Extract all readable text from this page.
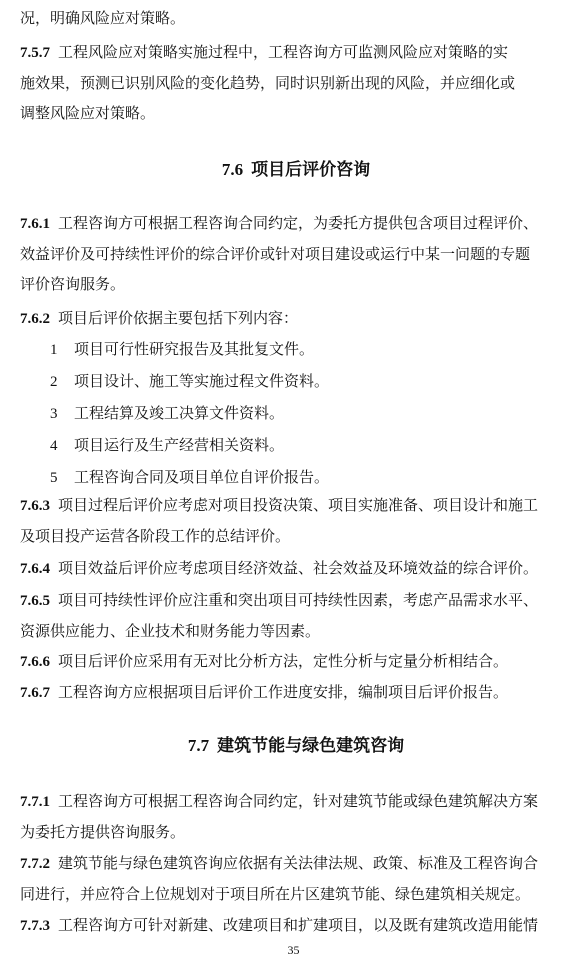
况，明确风险应对策略。

7.5.7 工程风险应对策略实施过程中，工程咨询方可监测风险应对策略的实
施效果，预测已识别风险的变化趋势，同时识别新出现的风险，并应细化或
调整风险应对策略。

7.6 项目后评价咨询

7.6.1 工程咨询方可根据工程咨询合同约定，为委托方提供包含项目过程评价、
效益评价及可持续性评价的综合评价或针对项目建设或运行中某一问题的专题
评价咨询服务。

7.6.2 项目后评价依据主要包括下列内容：

1 项目可行性研究报告及其批复文件。
2 项目设计、施工等实施过程文件资料。
3 工程结算及竣工决算文件资料。
4 项目运行及生产经营相关资料。
5 工程咨询合同及项目单位自评价报告。

7.6.3 项目过程后评价应考虑对项目投资决策、项目实施准备、项目设计和施工
及项目投产运营各阶段工作的总结评价。

7.6.4 项目效益后评价应考虑项目经济效益、社会效益及环境效益的综合评价。

7.6.5 项目可持续性评价应注重和突出项目可持续性因素，考虑产品需求水平、
资源供应能力、企业技术和财务能力等因素。

7.6.6 项目后评价应采用有无对比分析方法，定性分析与定量分析相结合。

7.6.7 工程咨询方应根据项目后评价工作进度安排，编制项目后评价报告。

7.7 建筑节能与绿色建筑咨询

7.7.1 工程咨询方可根据工程咨询合同约定，针对建筑节能或绿色建筑解决方案
为委托方提供咨询服务。

7.7.2 建筑节能与绿色建筑咨询应依据有关法律法规、政策、标准及工程咨询合
同进行，并应符合上位规划对于项目所在片区建筑节能、绿色建筑相关规定。

7.7.3 工程咨询方可针对新建、改建项目和扩建项目，以及既有建筑改造用能情

35
